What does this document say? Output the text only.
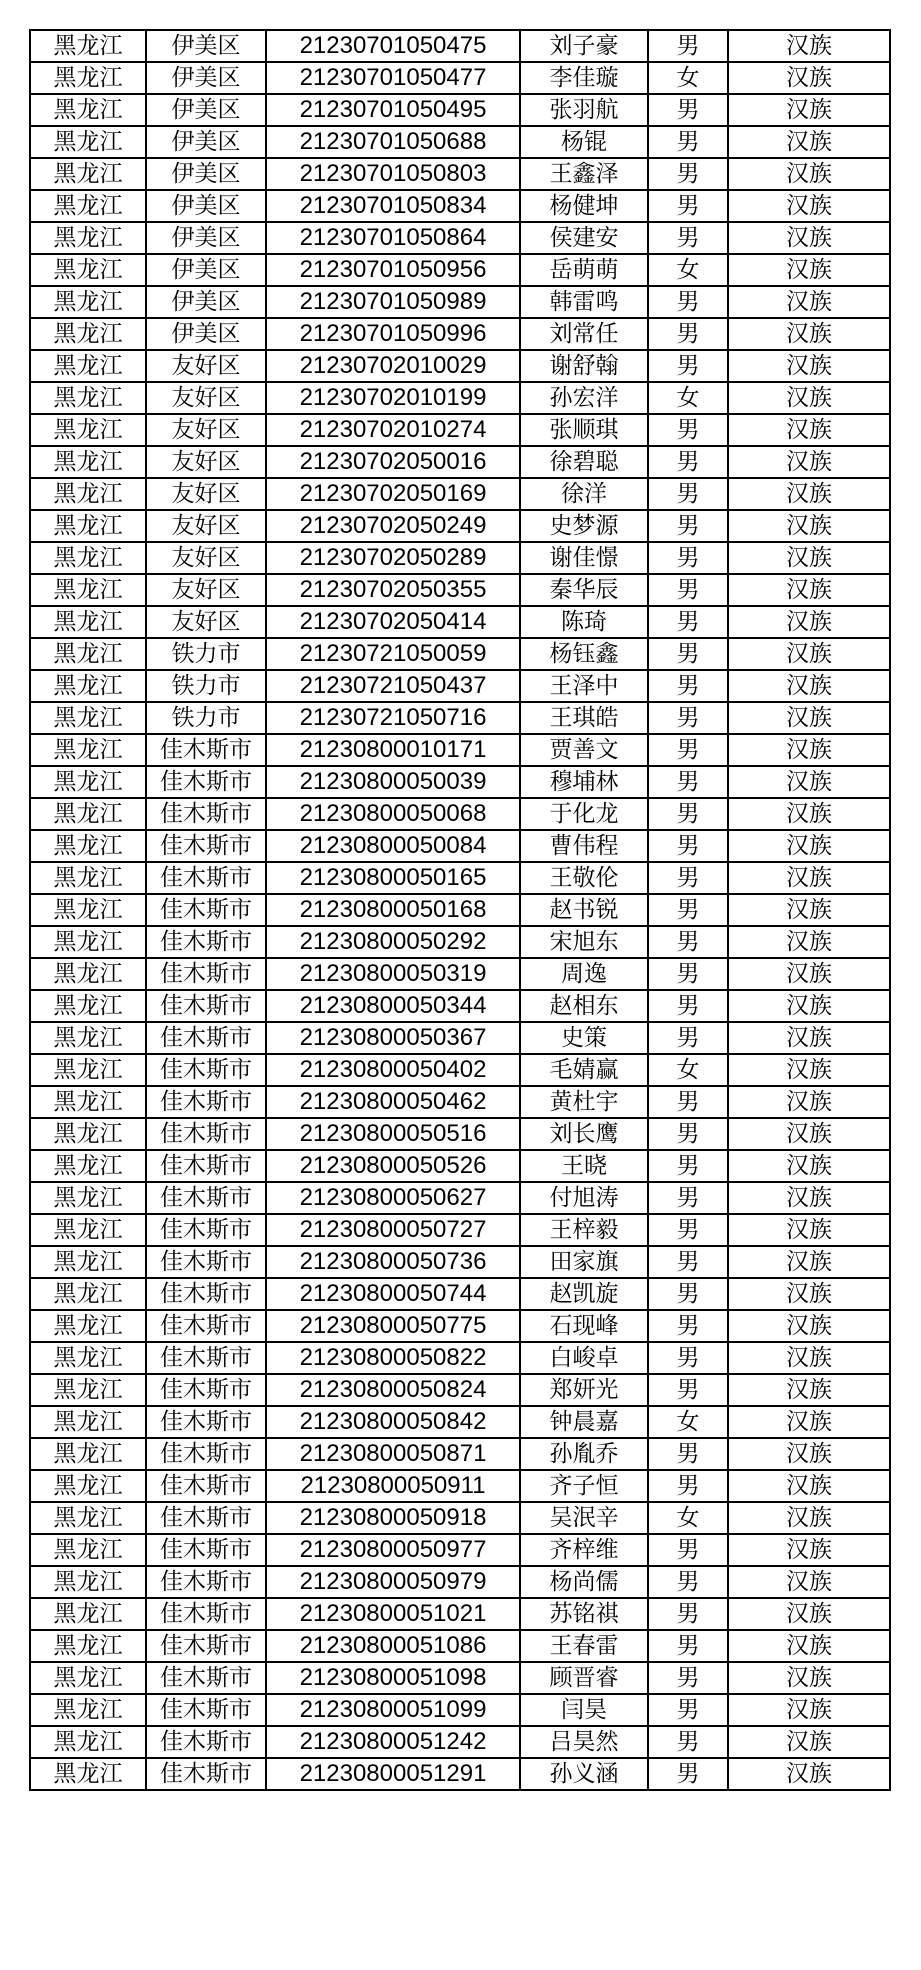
黑龙江	伊美区	21230701050475	刘子豪	男	汉族
黑龙江	伊美区	21230701050477	李佳璇	女	汉族
黑龙江	伊美区	21230701050495	张羽航	男	汉族
黑龙江	伊美区	21230701050688	杨锟	男	汉族
黑龙江	伊美区	21230701050803	王鑫泽	男	汉族
黑龙江	伊美区	21230701050834	杨健坤	男	汉族
黑龙江	伊美区	21230701050864	侯建安	男	汉族
黑龙江	伊美区	21230701050956	岳萌萌	女	汉族
黑龙江	伊美区	21230701050989	韩雷鸣	男	汉族
黑龙江	伊美区	21230701050996	刘常任	男	汉族
黑龙江	友好区	21230702010029	谢舒翰	男	汉族
黑龙江	友好区	21230702010199	孙宏洋	女	汉族
黑龙江	友好区	21230702010274	张顺琪	男	汉族
黑龙江	友好区	21230702050016	徐碧聪	男	汉族
黑龙江	友好区	21230702050169	徐洋	男	汉族
黑龙江	友好区	21230702050249	史梦源	男	汉族
黑龙江	友好区	21230702050289	谢佳憬	男	汉族
黑龙江	友好区	21230702050355	秦华辰	男	汉族
黑龙江	友好区	21230702050414	陈琦	男	汉族
黑龙江	铁力市	21230721050059	杨钰鑫	男	汉族
黑龙江	铁力市	21230721050437	王泽中	男	汉族
黑龙江	铁力市	21230721050716	王琪皓	男	汉族
黑龙江	佳木斯市	21230800010171	贾善文	男	汉族
黑龙江	佳木斯市	21230800050039	穆埔林	男	汉族
黑龙江	佳木斯市	21230800050068	于化龙	男	汉族
黑龙江	佳木斯市	21230800050084	曹伟程	男	汉族
黑龙江	佳木斯市	21230800050165	王敬伦	男	汉族
黑龙江	佳木斯市	21230800050168	赵书锐	男	汉族
黑龙江	佳木斯市	21230800050292	宋旭东	男	汉族
黑龙江	佳木斯市	21230800050319	周逸	男	汉族
黑龙江	佳木斯市	21230800050344	赵相东	男	汉族
黑龙江	佳木斯市	21230800050367	史策	男	汉族
黑龙江	佳木斯市	21230800050402	毛婧赢	女	汉族
黑龙江	佳木斯市	21230800050462	黄杜宇	男	汉族
黑龙江	佳木斯市	21230800050516	刘长鹰	男	汉族
黑龙江	佳木斯市	21230800050526	王晓	男	汉族
黑龙江	佳木斯市	21230800050627	付旭涛	男	汉族
黑龙江	佳木斯市	21230800050727	王梓毅	男	汉族
黑龙江	佳木斯市	21230800050736	田家旗	男	汉族
黑龙江	佳木斯市	21230800050744	赵凯旋	男	汉族
黑龙江	佳木斯市	21230800050775	石现峰	男	汉族
黑龙江	佳木斯市	21230800050822	白峻卓	男	汉族
黑龙江	佳木斯市	21230800050824	郑妍光	男	汉族
黑龙江	佳木斯市	21230800050842	钟晨嘉	女	汉族
黑龙江	佳木斯市	21230800050871	孙胤乔	男	汉族
黑龙江	佳木斯市	21230800050911	齐子恒	男	汉族
黑龙江	佳木斯市	21230800050918	吴泯辛	女	汉族
黑龙江	佳木斯市	21230800050977	齐梓维	男	汉族
黑龙江	佳木斯市	21230800050979	杨尚儒	男	汉族
黑龙江	佳木斯市	21230800051021	苏铭祺	男	汉族
黑龙江	佳木斯市	21230800051086	王春雷	男	汉族
黑龙江	佳木斯市	21230800051098	顾晋睿	男	汉族
黑龙江	佳木斯市	21230800051099	闫昊	男	汉族
黑龙江	佳木斯市	21230800051242	吕昊然	男	汉族
黑龙江	佳木斯市	21230800051291	孙义涵	男	汉族
